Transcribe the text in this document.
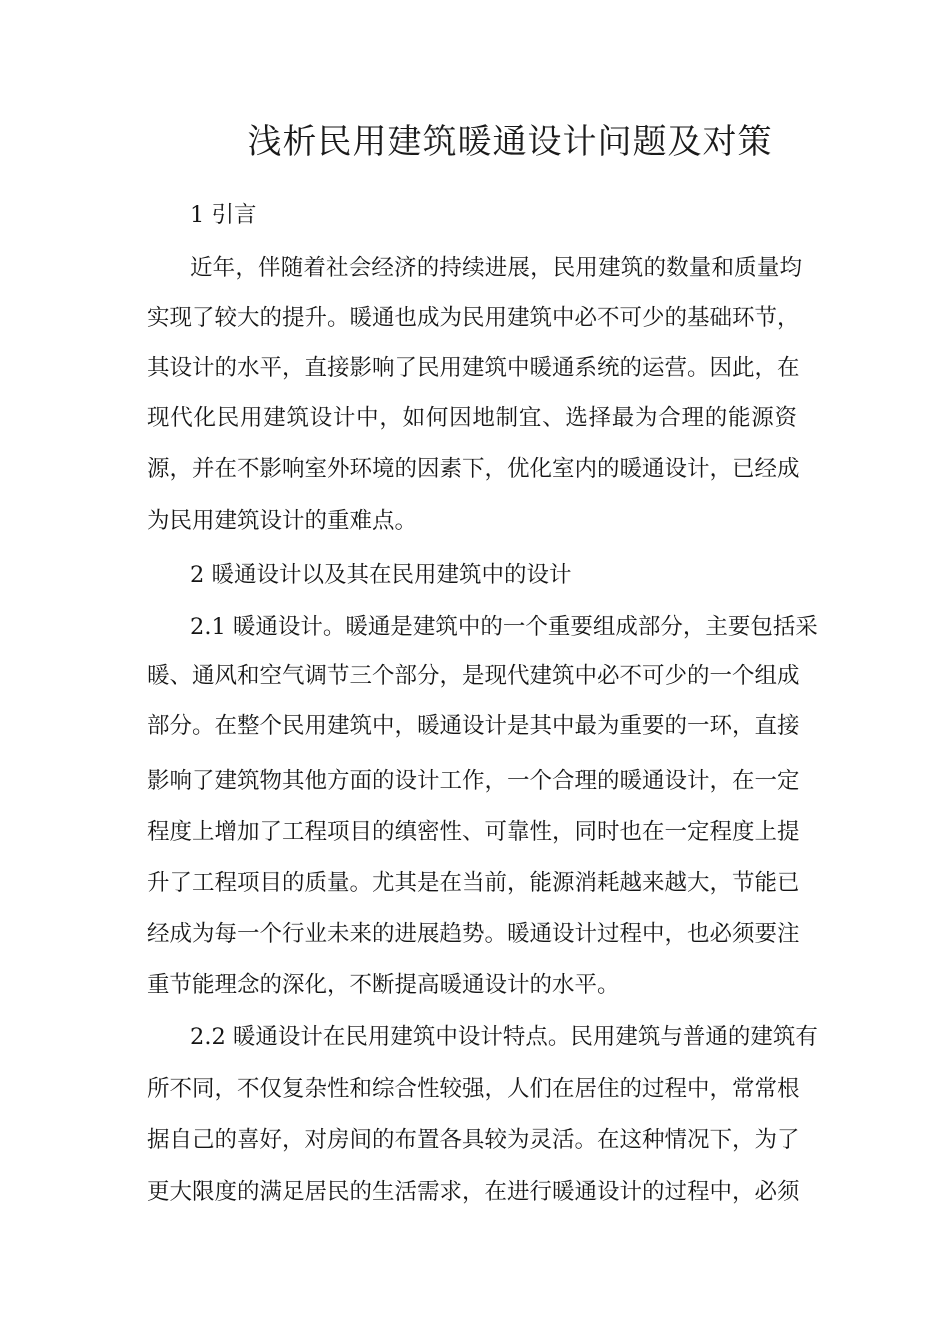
浅析民用建筑暖通设计问题及对策
1 引言
近年，伴随着社会经济的持续进展，民用建筑的数量和质量均
实现了较大的提升。暖通也成为民用建筑中必不可少的基础环节，
其设计的水平，直接影响了民用建筑中暖通系统的运营。因此，在
现代化民用建筑设计中，如何因地制宜、选择最为合理的能源资
源，并在不影响室外环境的因素下，优化室内的暖通设计，已经成
为民用建筑设计的重难点。
2 暖通设计以及其在民用建筑中的设计
2.1 暖通设计。暖通是建筑中的一个重要组成部分，主要包括采
暖、通风和空气调节三个部分，是现代建筑中必不可少的一个组成
部分。在整个民用建筑中，暖通设计是其中最为重要的一环，直接
影响了建筑物其他方面的设计工作，一个合理的暖通设计，在一定
程度上增加了工程项目的缜密性、可靠性，同时也在一定程度上提
升了工程项目的质量。尤其是在当前，能源消耗越来越大，节能已
经成为每一个行业未来的进展趋势。暖通设计过程中，也必须要注
重节能理念的深化，不断提高暖通设计的水平。
2.2 暖通设计在民用建筑中设计特点。民用建筑与普通的建筑有
所不同，不仅复杂性和综合性较强，人们在居住的过程中，常常根
据自己的喜好，对房间的布置各具较为灵活。在这种情况下，为了
更大限度的满足居民的生活需求，在进行暖通设计的过程中，必须
